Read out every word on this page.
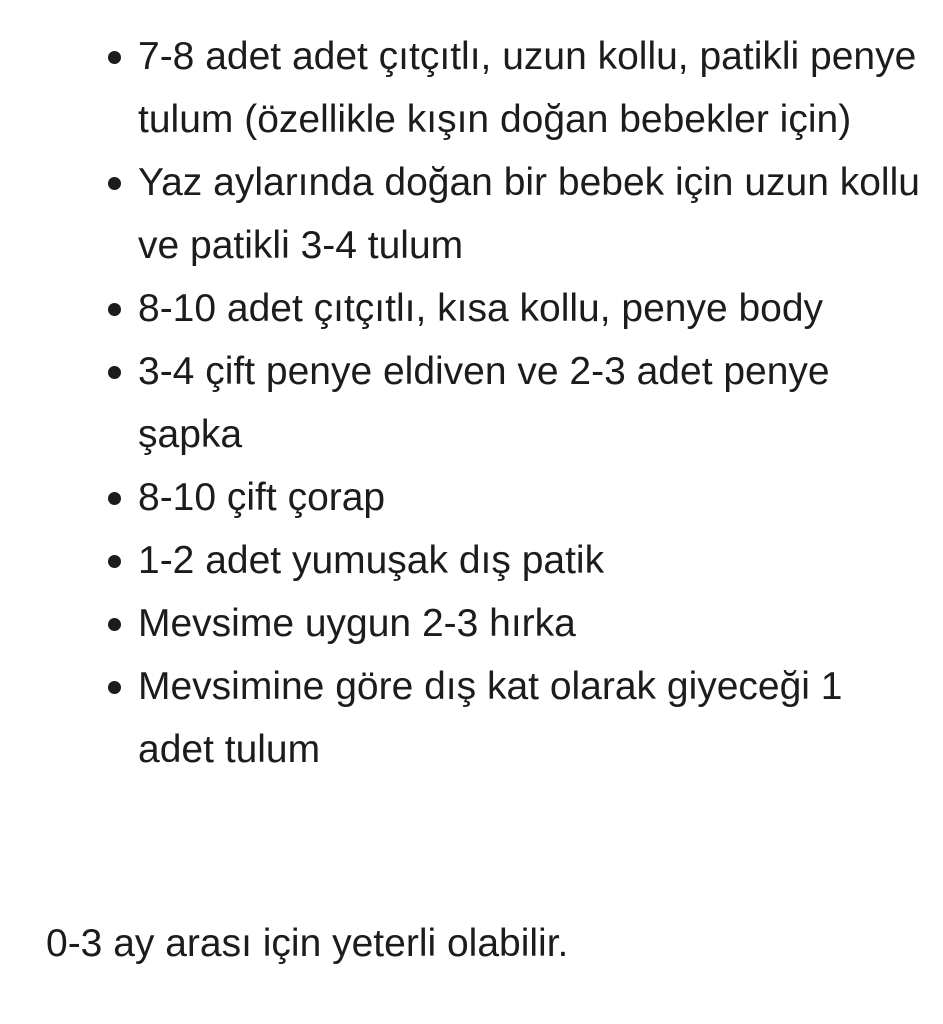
7-8 adet adet çıtçıtlı, uzun kollu, patikli penye tulum (özellikle kışın doğan bebekler için)
Yaz aylarında doğan bir bebek için uzun kollu ve patikli 3-4 tulum
8-10 adet çıtçıtlı, kısa kollu, penye body
3-4 çift penye eldiven ve 2-3 adet penye şapka
8-10 çift çorap
1-2 adet yumuşak dış patik
Mevsime uygun 2-3 hırka
Mevsimine göre dış kat olarak giyeceği 1 adet tulum

0-3 ay arası için yeterli olabilir.
